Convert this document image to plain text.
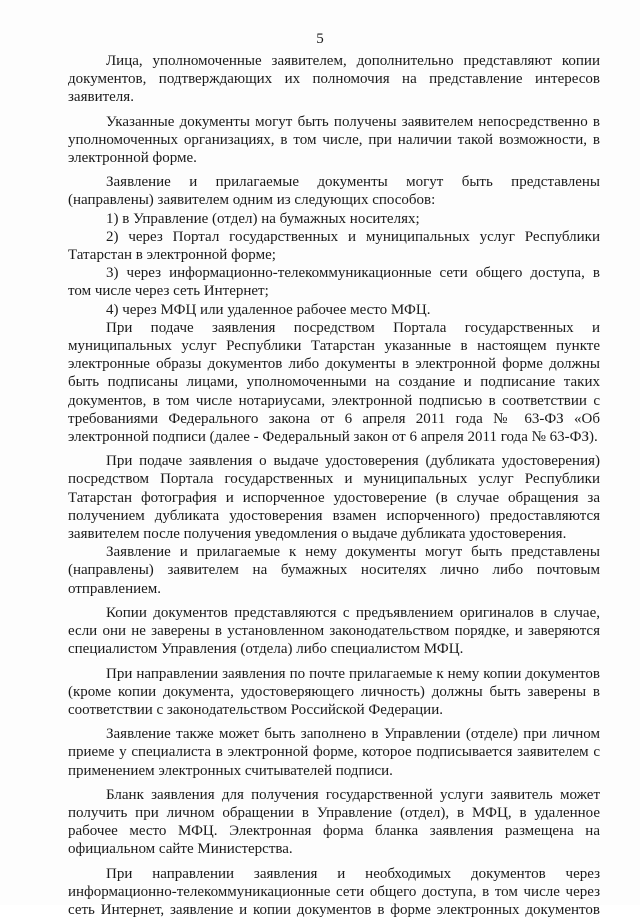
5

Лица, уполномоченные заявителем, дополнительно представляют копии документов, подтверждающих их полномочия на представление интересов заявителя.

Указанные документы могут быть получены заявителем непосредственно в уполномоченных организациях, в том числе, при наличии такой возможности, в электронной форме.

Заявление и прилагаемые документы могут быть представлены (направлены) заявителем одним из следующих способов:

1) в Управление (отдел) на бумажных носителях;

2) через Портал государственных и муниципальных услуг Республики Татарстан в электронной форме;

3) через информационно-телекоммуникационные сети общего доступа, в том числе через сеть Интернет;

4) через МФЦ или удаленное рабочее место МФЦ.

При подаче заявления посредством Портала государственных и муниципальных услуг Республики Татарстан указанные в настоящем пункте электронные образы документов либо документы в электронной форме должны быть подписаны лицами, уполномоченными на создание и подписание таких документов, в том числе нотариусами, электронной подписью в соответствии с требованиями Федерального закона от 6 апреля 2011 года № 63-ФЗ «Об электронной подписи (далее - Федеральный закон от 6 апреля 2011 года № 63-ФЗ).

При подаче заявления о выдаче удостоверения (дубликата удостоверения) посредством Портала государственных и муниципальных услуг Республики Татарстан фотография и испорченное удостоверение (в случае обращения за получением дубликата удостоверения взамен испорченного) предоставляются заявителем после получения уведомления о выдаче дубликата удостоверения.

Заявление и прилагаемые к нему документы могут быть представлены (направлены) заявителем на бумажных носителях лично либо почтовым отправлением.

Копии документов представляются с предъявлением оригиналов в случае, если они не заверены в установленном законодательством порядке, и заверяются специалистом Управления (отдела) либо специалистом МФЦ.

При направлении заявления по почте прилагаемые к нему копии документов (кроме копии документа, удостоверяющего личность) должны быть заверены в соответствии с законодательством Российской Федерации.

Заявление также может быть заполнено в Управлении (отделе) при личном приеме у специалиста в электронной форме, которое подписывается заявителем с применением электронных считывателей подписи.

Бланк заявления для получения государственной услуги заявитель может получить при личном обращении в Управление (отдел), в МФЦ, в удаленное рабочее место МФЦ. Электронная форма бланка заявления размещена на официальном сайте Министерства.

При направлении заявления и необходимых документов через информационно-телекоммуникационные сети общего доступа, в том числе через сеть Интернет, заявление и копии документов в форме электронных документов
